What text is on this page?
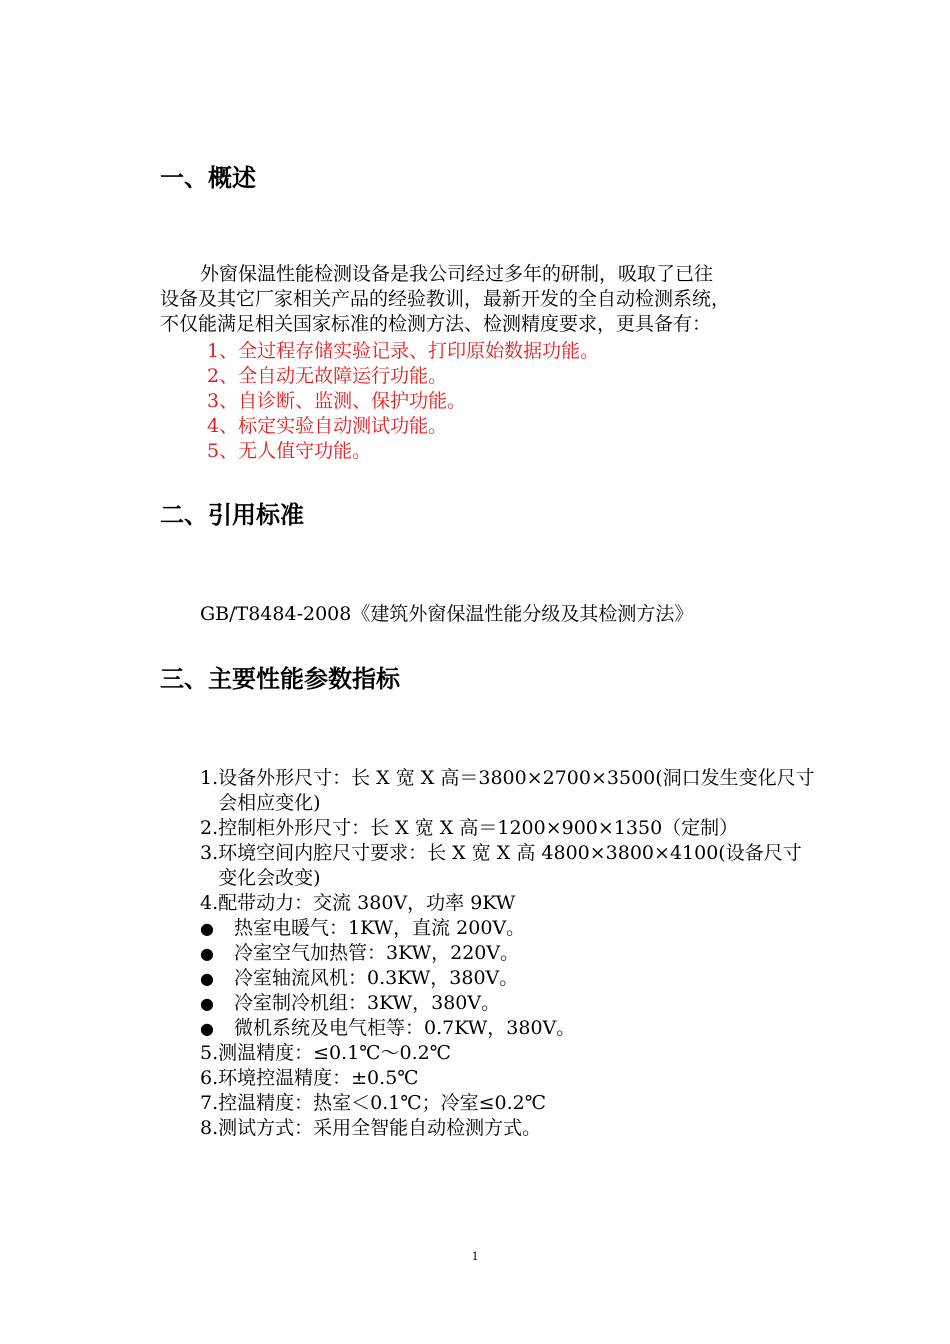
一、概述

外窗保温性能检测设备是我公司经过多年的研制，吸取了已往

设备及其它厂家相关产品的经验教训，最新开发的全自动检测系统，

不仅能满足相关国家标准的检测方法、检测精度要求，更具备有：

1、全过程存储实验记录、打印原始数据功能。
2、全自动无故障运行功能。
3、自诊断、监测、保护功能。
4、标定实验自动测试功能。
5、无人值守功能。
二、引用标准

GB/T8484-2008《建筑外窗保温性能分级及其检测方法》

三、主要性能参数指标
1. 设备外形尺寸：长 X 宽 X 高＝3800×2700×3500(洞口发生变化尺寸会相应变化)
2. 控制柜外形尺寸：长 X 宽 X 高＝1200×900×1350（定制）
3. 环境空间内腔尺寸要求：长 X 宽 X 高 4800×3800×4100(设备尺寸变化会改变)
4. 配带动力：交流 380V，功率 9KW
●	热室电暖气：1KW，直流 200V。
●	冷室空气加热管：3KW，220V。
●	冷室轴流风机：0.3KW，380V。
●	冷室制冷机组：3KW，380V。
●	微机系统及电气柜等：0.7KW，380V。
5. 测温精度：≤0.1℃～0.2℃
6. 环境控温精度：±0.5℃
7. 控温精度：热室＜0.1℃；冷室≤0.2℃
8. 测试方式：采用全智能自动检测方式。
1
